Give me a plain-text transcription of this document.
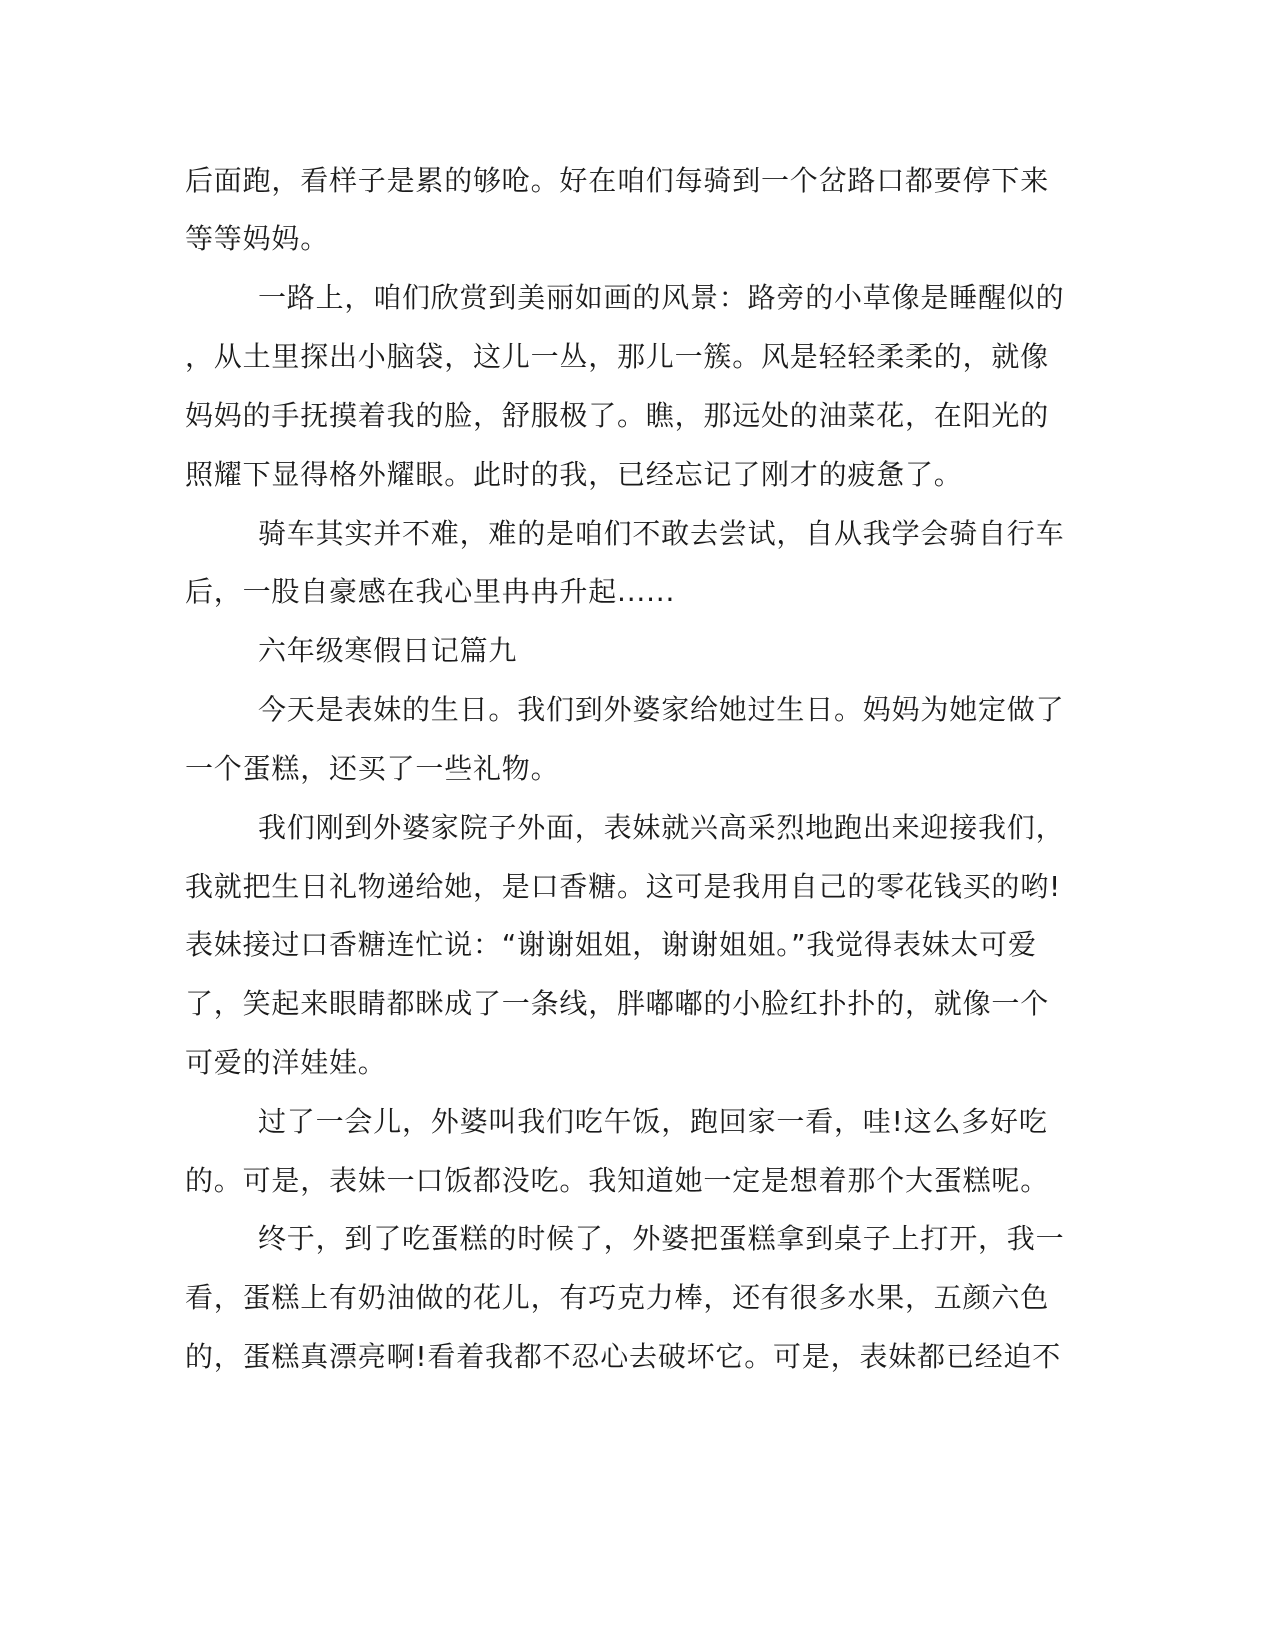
后面跑，看样子是累的够呛。好在咱们每骑到一个岔路口都要停下来
等等妈妈。
一路上，咱们欣赏到美丽如画的风景：路旁的小草像是睡醒似的
，从土里探出小脑袋，这儿一丛，那儿一簇。风是轻轻柔柔的，就像
妈妈的手抚摸着我的脸，舒服极了。瞧，那远处的油菜花，在阳光的
照耀下显得格外耀眼。此时的我，已经忘记了刚才的疲惫了。
骑车其实并不难，难的是咱们不敢去尝试，自从我学会骑自行车
后，一股自豪感在我心里冉冉升起......
六年级寒假日记篇九
今天是表妹的生日。我们到外婆家给她过生日。妈妈为她定做了
一个蛋糕，还买了一些礼物。
我们刚到外婆家院子外面，表妹就兴高采烈地跑出来迎接我们，
我就把生日礼物递给她，是口香糖。这可是我用自己的零花钱买的哟!
表妹接过口香糖连忙说：“谢谢姐姐，谢谢姐姐。”我觉得表妹太可爱
了，笑起来眼睛都眯成了一条线，胖嘟嘟的小脸红扑扑的，就像一个
可爱的洋娃娃。
过了一会儿，外婆叫我们吃午饭，跑回家一看，哇!这么多好吃
的。可是，表妹一口饭都没吃。我知道她一定是想着那个大蛋糕呢。
终于，到了吃蛋糕的时候了，外婆把蛋糕拿到桌子上打开，我一
看，蛋糕上有奶油做的花儿，有巧克力棒，还有很多水果，五颜六色
的，蛋糕真漂亮啊!看着我都不忍心去破坏它。可是，表妹都已经迫不
